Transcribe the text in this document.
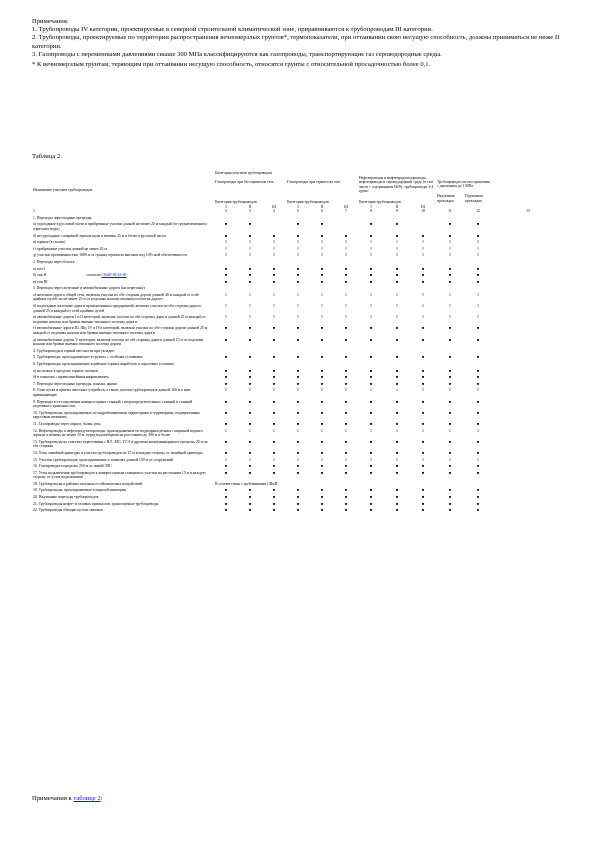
Примечания.

1. Трубопроводы IV категории, проектируемые в северной строительной климатической зоне, приравниваются к трубопроводам III категории.

2. Трубопроводы, проектируемые по территории распространения вечномерзлых грунтов*, термопоказатели, при оттаивании свою несущую способность, должны приниматься не ниже II категории.

3. Газопроводы с переменными давлениями свыше 300 МПа классифицируются как газопроводы, транспортирующие газ сероводородные среды.

* К вечномерзлым грунтам, теряющим при оттаивании несущую способность, относятся грунты с относительной просадочностью более 0,1.

Таблица 2.
Назначение участков трубопроводов	Категория участков трубопроводов											
	Газопроводы при бессернистом газе			Газопроводы при сернистом газе			Нефтепроводы и нефтепродуктопроводы, нефтепроводы в сероводородной среде (в том числе с содержанием H2S), трубопроводы 3-4 групп			Трубопроводы систем орошения с давлением до 1 МПа		
	Категория трубопроводов			Категория трубопроводов			Категория трубопроводов			Надземная прокладка	Подземная прокладка	
	I	II	III	I	II	III	I	II	III			
1	2	3	4	5	6	7	8	9	10	11	12	13
1. Переходы через водные преграды:												
а) судоходные в русловой части и прибрежные участки длиной не менее 25 м каждый (от среднемеженного горизонта воды)	■	■		■	■		■	■		■	■	
б) несудоходные с шириной зеркала воды в межень 25 м и более в русловой части	■	■	■	■	■	■	■	■	■	■	■	
в) горные (в скалах)	I	I	I	I	I	I	I	I	I	I	I	
г) прибрежные участки длиной не менее 25 м	I	I	I	I	I	I	I	I	I	I	I	
д) участки протяженностью 1000 м от границ горизонта высоких вод 10%-ной обеспеченности	I	I	I	I	I	I	I	I	I	I	I	
2. Переходы через болота:												
а) тип I	■	■	■	■	■	■	■	■	■	■	■	
б) тип II согласно СНиП III-42-80	■	■	■	■	■	■	■	■	■	■	■	
в) тип III	■	■	■	■	■	■	■	■	■	■	■	
3. Переходы через железные и автомобильные дороги (на перегонах):												
а) железные дороги общей сети, включая участки по обе стороны дороги длиной 40 м каждый от осей крайних путей, но не менее 25 м от подошвы насыпи земляного полотна дороги	I	I	I	I	I	I	I	I	I	I	I	
б) подъездные железные дороги промышленных предприятий, включая участки по обе стороны дороги длиной 25 м каждый от осей крайних путей	I	I	I	I	I	I	I	I	I	I	I	
в) автомобильные дороги I и II категорий, включая участки по обе стороны дороги длиной 25 м каждый от подошвы насыпи или бровки выемки земляного полотна дороги	I	I	I	I	I	I	I	I	I	I	I	
г) автомобильные дороги III, IIIп, IV и IVп категорий, включая участки по обе стороны дороги длиной 25 м каждый от подошвы насыпи или бровки выемки земляного полотна дороги	■	■	■	■	■	■	■	■	■	■	■	
д) автомобильные дороги V категории, включая участки по обе стороны дороги длиной 15 м от подошвы насыпи или бровки выемки земляного полотна дороги	■	■	■	■	■	■	■	■	■	■	■	
4. Трубопроводы в горной местности при укладке:												
5. Трубопроводы, прокладываемые в грунтах с особыми условиями	■	■	■	■	■	■	■	■	■	■	■	
6. Трубопроводы, прокладываемые в районах горных выработок и карстовых условиях												
а) на полках в пределах горных склонов	■	■	■	■	■	■	■	■	■	■	■	
б) в тоннелях с прямолинейным направлением	■	■	■	■	■	■	■	■	■	■	■	
7. Переходы через водные преграды, каналы, арыки	■	■	■	■	■	■	■	■	■	■	■	
8. Узлы пуска и приема очистных устройств, а также участки трубопроводов длиной 100 м к ним примыкающие	I	I	I	I	I	I	I	I	I	I	I	
9. Переходы в от сооружения компрессорных станций, газораспределительных станций и станций подземного хранения газа	■	■	■	■	■	■	■	■	■	■	■	
10. Трубопроводы, прокладываемые по подрабатываемым территориям и территориям, подверженным карстовым явлениям	■	■	■	■	■	■	■	■	■	■	■	
11. Газопроводы через овраги, балки, рвы	■	■	■	■	■	■	■	■	■	■	■	
12. Нефтепроводы и нефтепродуктопроводы, прокладываемые по подводным речкам с шириной водного зеркала в межень не менее 10 м, перед водозаборами на расстоянии до 300 м и более	I	I	I	I	I	I	I	I	I	I	I	
13. Трубопроводы на участках пересечения с ВЛ, ЭЛС, ГСЭ и другими коммуникациями в пределах 20 м по обе стороны	■	■	■	■	■	■	■	■	■	■	■	
14. Узлы линейной арматуры и участки трубопроводов по 15 м в каждую сторону от линейной арматуры	■	■	■	■	■	■	■	■	■	■	■	
15. Участки трубопроводов, прокладываемые в тоннелях длиной 150 м от сооружений	I	I	I	I	I	I	I	I	I	I	I	
16. Газопроводы в пределах 250 м от линий ЭЛС	■	■	■	■	■	■	■	■	■	■	■	
17. Узлы подключения трубопроводов к компрессорным станциям и участки на расстоянии 15 м в каждую сторону от узлов подключения	■	■	■	■	■	■	■	■	■	■	■	
18. Трубопроводы в районах шахтных и сейсмических воздействий	В соответствии с требованиями СНиП											
19. Трубопроводы, прокладываемые в морской акватории	■	■	■	■	■	■	■	■	■	■	■	
20. Надземные переходы трубопроводов	■	■	■	■	■	■	■	■	■	■	■	
21. Трубопроводы нефте- и газовых промыслов, транспортные трубопроводы	■	■	■	■	■	■	■	■	■	■	■	
22. Трубопроводы обводки кустов скважин	■	■	■	■	■	■	■	■	■	■	■	
Примечания к таблице 2:
